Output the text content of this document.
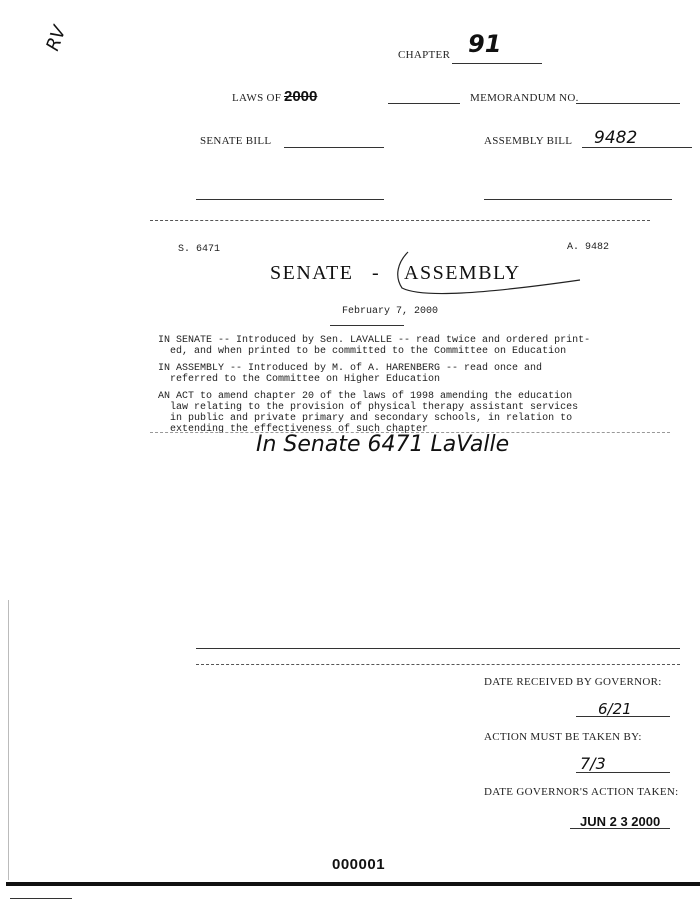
RV
CHAPTER 91
LAWS OF 2000	MEMORANDUM NO.
SENATE BILL	ASSEMBLY BILL 9482
S. 6471	A. 9482
SENATE - ASSEMBLY
February 7, 2000
IN SENATE -- Introduced by Sen. LAVALLE -- read twice and ordered print-
ed, and when printed to be committed to the Committee on Education
IN ASSEMBLY -- Introduced by M. of A. HARENBERG -- read once and
referred to the Committee on Higher Education
AN ACT to amend chapter 20 of the laws of 1998 amending the education
law relating to the provision of physical therapy assistant services
in public and private primary and secondary schools, in relation to
extending the effectiveness of such chapter
In Senate 6471 LaValle
DATE RECEIVED BY GOVERNOR:
6/21
ACTION MUST BE TAKEN BY:
7/3
DATE GOVERNOR'S ACTION TAKEN:
JUN 2 3 2000
000001
